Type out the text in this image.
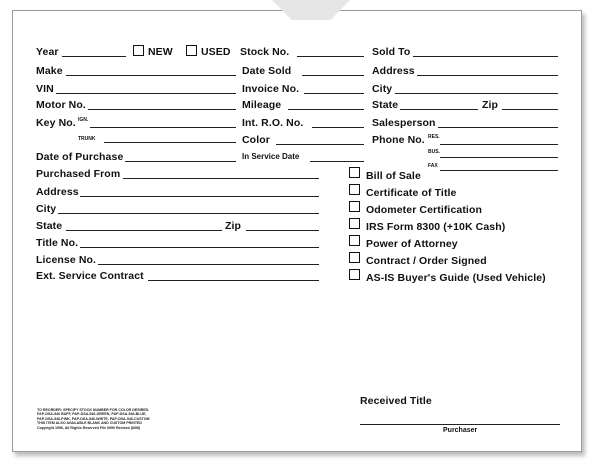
Year	NEW	USED
Make
VIN
Motor No.
Key No. IGN.
TRUNK
Date of Purchase
Purchased From
Address
City
State	Zip
Title No.
License No.
Ext. Service Contract
Stock No.
Date Sold
Invoice No.
Mileage
Int. R.O. No.
Color
In Service Date
Sold To
Address
City
State	Zip
Salesperson
Phone No. RES.
BUS.
FAX
Bill of Sale
Certificate of Title
Odometer Certification
IRS Form 8300 (+10K Cash)
Power of Attorney
Contract / Order Signed
AS-IS Buyer's Guide (Used Vehicle)
Received Title
Purchaser
TO REORDER: SPECIFY STOCK NUMBER FOR COLOR DESIRED.
PAP-DSA-546 BUFF, PAP-DSA-546-GREEN, PAP-DSA-546-BLUE,
PAP-DSA-546-PINK, PAP-DSA-546-WHITE, PAP-DSA-546-CUSTOM
THIS ITEM ALSO AVAILABLE BLANK AND CUSTOM PRINTED
Copyright 1996, All Rights Reserved File 6990 Revised (8/98)
